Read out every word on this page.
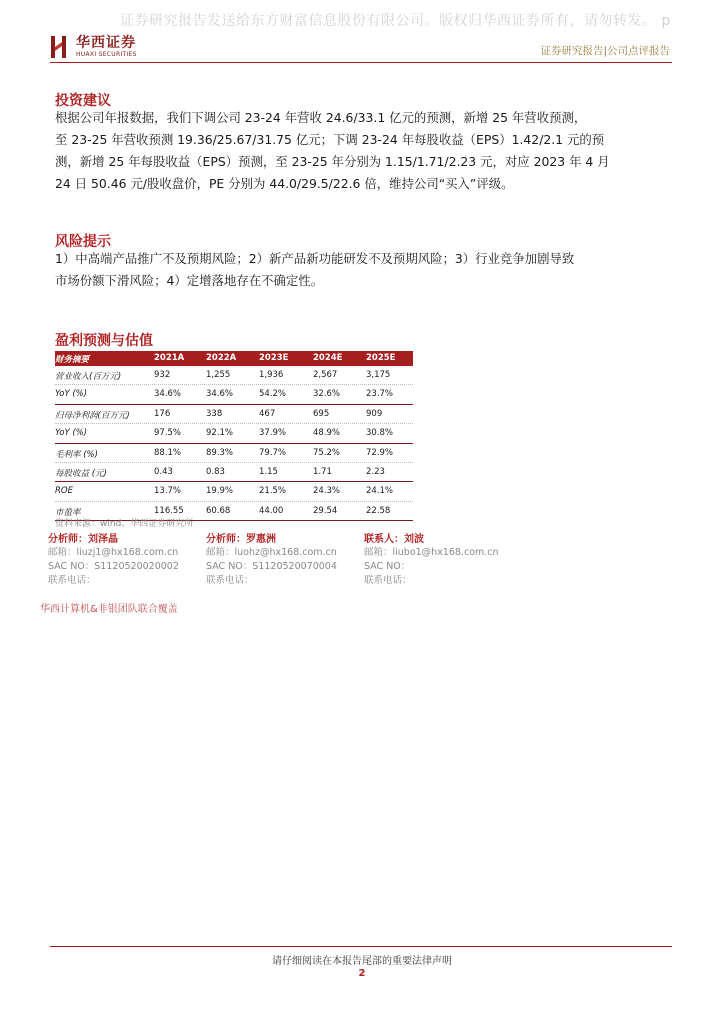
证券研究报告发送给东方财富信息股份有限公司。版权归华西证券所有，请勿转发。 p
华西证券
HUAXI SECURITIES	证券研究报告|公司点评报告
投资建议

根据公司年报数据，我们下调公司 23-24 年营收 24.6/33.1 亿元的预测，新增 25 年营收预测，

至 23-25 年营收预测 19.36/25.67/31.75 亿元；下调 23-24 年每股收益（EPS）1.42/2.1 元的预

测，新增 25 年每股收益（EPS）预测，至 23-25 年分别为 1.15/1.71/2.23 元，对应 2023 年 4 月

24 日 50.46 元/股收盘价，PE 分别为 44.0/29.5/22.6 倍，维持公司“买入”评级。

风险提示

1）中高端产品推广不及预期风险；2）新产品新功能研发不及预期风险；3）行业竞争加剧导致

市场份额下滑风险；4）定增落地存在不确定性。

盈利预测与估值
财务摘要	2021A	2022A	2023E	2024E	2025E
营业收入(百万元)	932	1,255	1,936	2,567	3,175
YoY (%)	34.6%	34.6%	54.2%	32.6%	23.7%
归母净利润(百万元)	176	338	467	695	909
YoY (%)	97.5%	92.1%	37.9%	48.9%	30.8%
毛利率 (%)	88.1%	89.3%	79.7%	75.2%	72.9%
每股收益 (元)	0.43	0.83	1.15	1.71	2.23
ROE	13.7%	19.9%	21.5%	24.3%	24.1%
市盈率	116.55	60.68	44.00	29.54	22.58
资料来源：wind、华西证券研究所
分析师：刘泽晶
邮箱：liuzj1@hx168.com.cn
SAC NO：S1120520020002
联系电话：
分析师：罗惠洲
邮箱：luohz@hx168.com.cn
SAC NO：S1120520070004
联系电话：
联系人：刘波
邮箱：liubo1@hx168.com.cn
SAC NO：
联系电话：
华西计算机&非银团队联合覆盖
请仔细阅读在本报告尾部的重要法律声明
2
